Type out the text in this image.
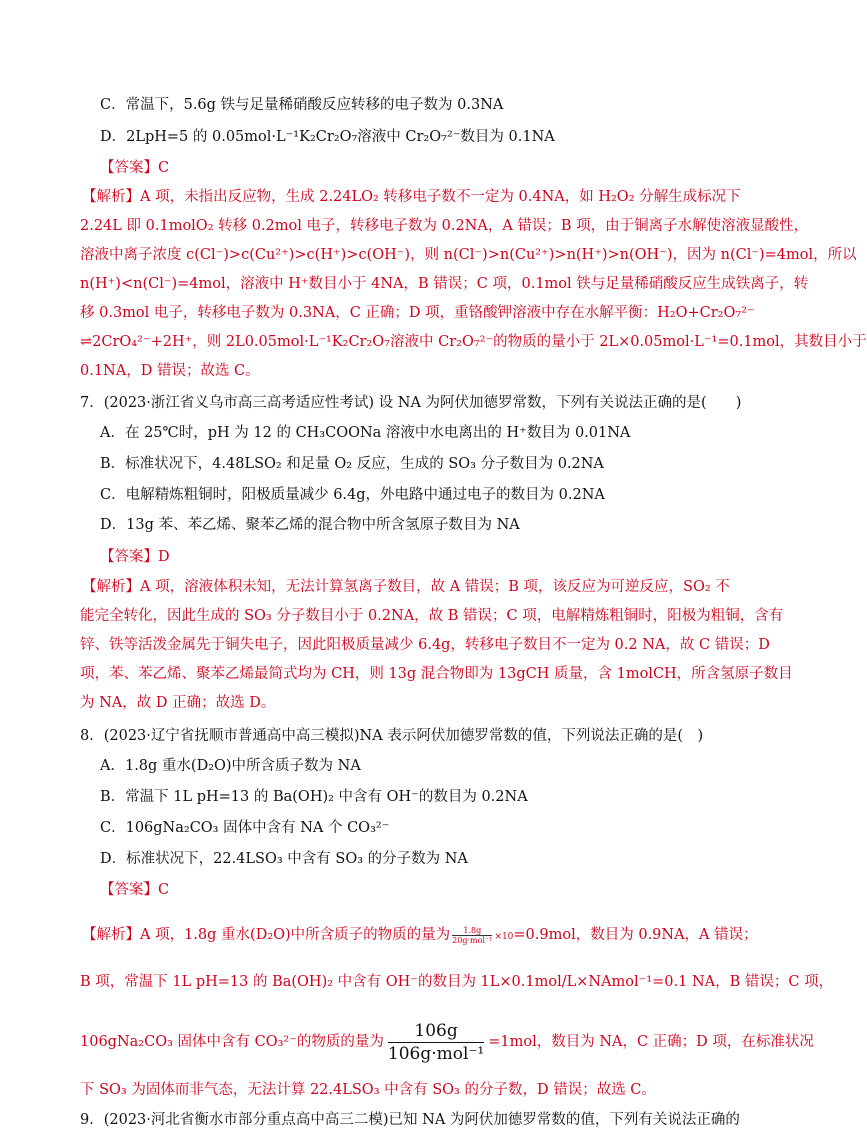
C．常温下，5.6g 铁与足量稀硝酸反应转移的电子数为 0.3NA
D．2LpH=5 的 0.05mol·L⁻¹K₂Cr₂O₇溶液中 Cr₂O₇²⁻数目为 0.1NA
【答案】C
【解析】A 项，未指出反应物，生成 2.24LO₂ 转移电子数不一定为 0.4NA，如 H₂O₂ 分解生成标况下
2.24L 即 0.1molO₂ 转移 0.2mol 电子，转移电子数为 0.2NA，A 错误；B 项，由于铜离子水解使溶液显酸性，
溶液中离子浓度 c(Cl⁻)>c(Cu²⁺)>c(H⁺)>c(OH⁻)，则 n(Cl⁻)>n(Cu²⁺)>n(H⁺)>n(OH⁻)，因为 n(Cl⁻)=4mol，所以
n(H⁺)<n(Cl⁻)=4mol，溶液中 H⁺数目小于 4NA，B 错误；C 项，0.1mol 铁与足量稀硝酸反应生成铁离子，转
移 0.3mol 电子，转移电子数为 0.3NA，C 正确；D 项，重铬酸钾溶液中存在水解平衡：H₂O+Cr₂O₇²⁻
⇌2CrO₄²⁻+2H⁺，则 2L0.05mol·L⁻¹K₂Cr₂O₇溶液中 Cr₂O₇²⁻的物质的量小于 2L×0.05mol·L⁻¹=0.1mol，其数目小于
0.1NA，D 错误；故选 C。
7．(2023·浙江省义乌市高三高考适应性考试) 设 NA 为阿伏加德罗常数，下列有关说法正确的是(　　)
A．在 25℃时，pH 为 12 的 CH₃COONa 溶液中水电离出的 H⁺数目为 0.01NA
B．标准状况下，4.48LSO₂ 和足量 O₂ 反应，生成的 SO₃ 分子数目为 0.2NA
C．电解精炼粗铜时，阳极质量减少 6.4g，外电路中通过电子的数目为 0.2NA
D．13g 苯、苯乙烯、聚苯乙烯的混合物中所含氢原子数目为 NA
【答案】D
【解析】A 项，溶液体积未知，无法计算氢离子数目，故 A 错误；B 项，该反应为可逆反应，SO₂ 不
能完全转化，因此生成的 SO₃ 分子数目小于 0.2NA，故 B 错误；C 项，电解精炼粗铜时，阳极为粗铜，含有
锌、铁等活泼金属先于铜失电子，因此阳极质量减少 6.4g，转移电子数目不一定为 0.2 NA，故 C 错误；D
项，苯、苯乙烯、聚苯乙烯最简式均为 CH，则 13g 混合物即为 13gCH 质量，含 1molCH，所含氢原子数目
为 NA，故 D 正确；故选 D。
8．(2023·辽宁省抚顺市普通高中高三模拟)NA 表示阿伏加德罗常数的值，下列说法正确的是(　)
A．1.8g 重水(D₂O)中所含质子数为 NA
B．常温下 1L pH=13 的 Ba(OH)₂ 中含有 OH⁻的数目为 0.2NA
C．106gNa₂CO₃ 固体中含有 NA 个 CO₃²⁻
D．标准状况下，22.4LSO₃ 中含有 SO₃ 的分子数为 NA
【答案】C
【解析】A 项，1.8g 重水(D₂O)中所含质子的物质的量为 $\frac{1.8g}{\text{20g·mol⁻¹}} \times 10=0.9mol$，数目为 0.9NA，A 错误；
B 项，常温下 1L pH=13 的 Ba(OH)₂ 中含有 OH⁻的数目为 1L×0.1mol/L×NAmol⁻¹=0.1 NA，B 错误；C 项，
106gNa₂CO₃ 固体中含有 CO₃²⁻的物质的量为
106g
106g·mol⁻¹
=1mol，数目为 NA，C 正确；D 项，在标准状况
下 SO₃ 为固体而非气态，无法计算 22.4LSO₃ 中含有 SO₃ 的分子数，D 错误；故选 C。
9．(2023·河北省衡水市部分重点高中高三二模)已知 NA 为阿伏加德罗常数的值，下列有关说法正确的
